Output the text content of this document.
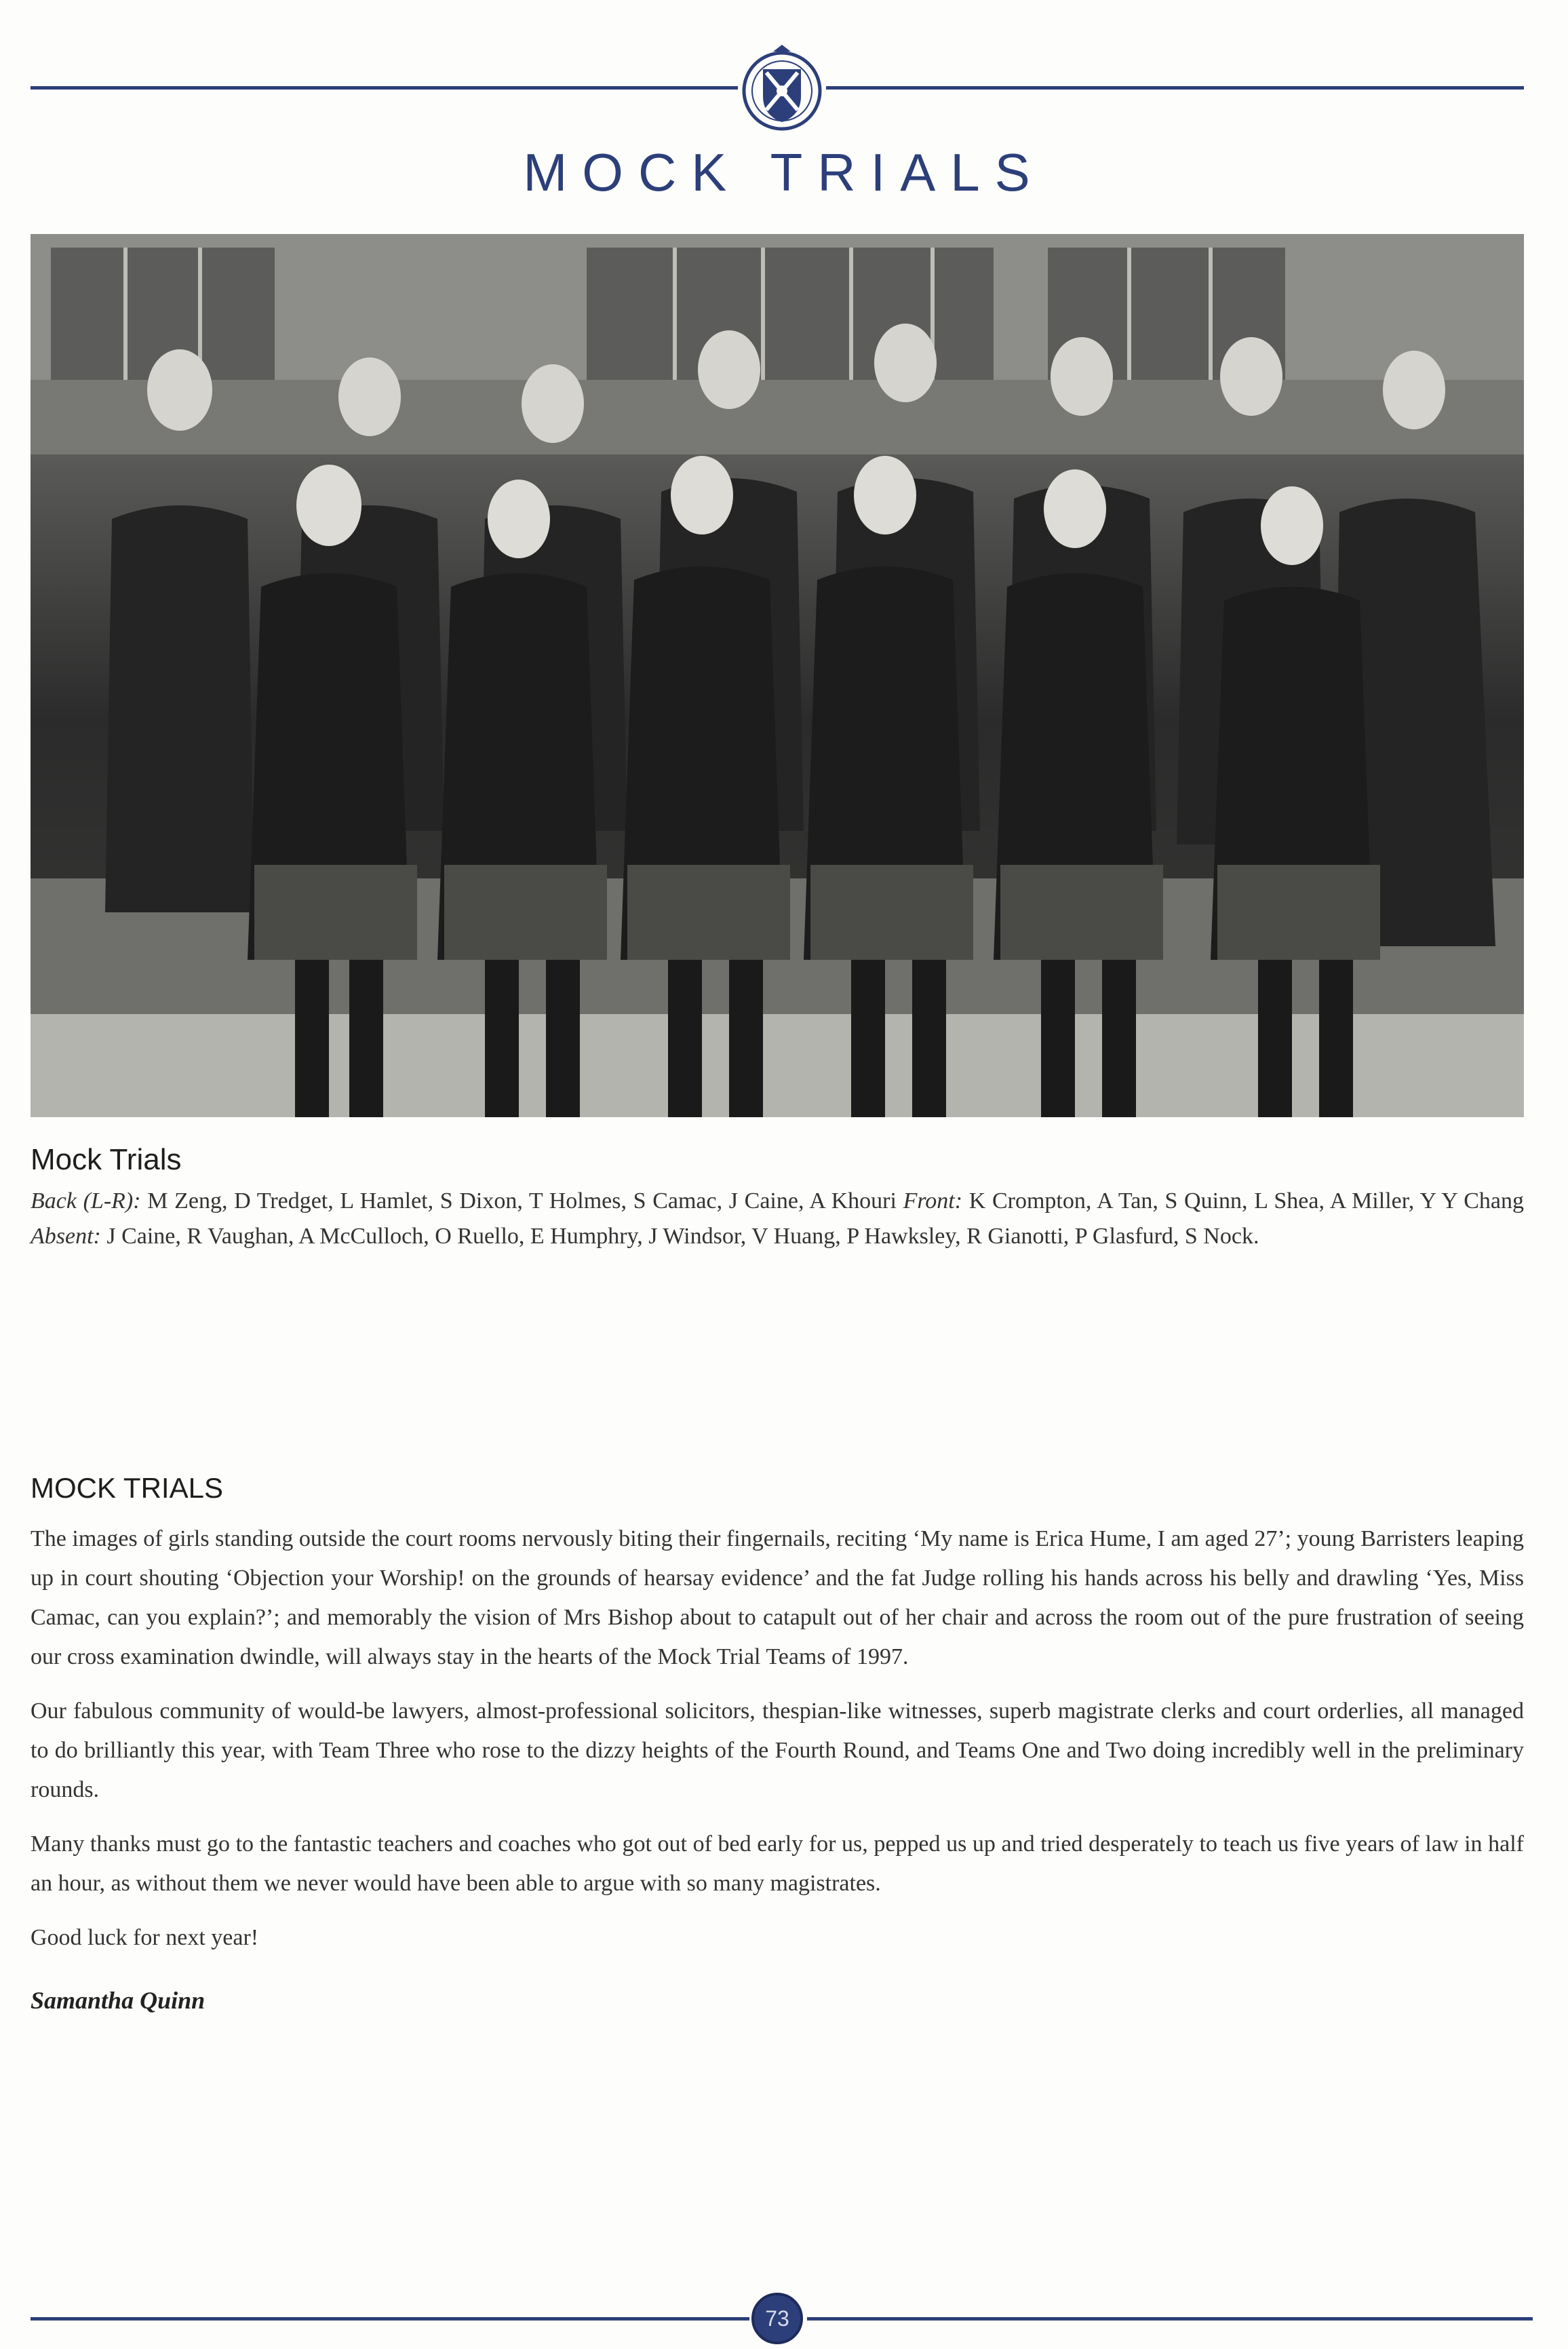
MOCK TRIALS
Mock Trials
Back (L-R): M Zeng, D Tredget, L Hamlet, S Dixon, T Holmes, S Camac, J Caine, A Khouri Front: K Crompton, A Tan, S Quinn, L Shea, A Miller, Y Y Chang Absent: J Caine, R Vaughan, A McCulloch, O Ruello, E Humphry, J Windsor, V Huang, P Hawksley, R Gianotti, P Glasfurd, S Nock.
MOCK TRIALS

The images of girls standing outside the court rooms nervously biting their fingernails, reciting ‘My name is Erica Hume, I am aged 27’; young Barristers leaping up in court shouting ‘Objection your Worship! on the grounds of hearsay evidence’ and the fat Judge rolling his hands across his belly and drawling ‘Yes, Miss Camac, can you explain?’; and memorably the vision of Mrs Bishop about to catapult out of her chair and across the room out of the pure frustration of seeing our cross examination dwindle, will always stay in the hearts of the Mock Trial Teams of 1997.

Our fabulous community of would-be lawyers, almost-professional solicitors, thespian-like witnesses, superb magistrate clerks and court orderlies, all managed to do brilliantly this year, with Team Three who rose to the dizzy heights of the Fourth Round, and Teams One and Two doing incredibly well in the preliminary rounds.

Many thanks must go to the fantastic teachers and coaches who got out of bed early for us, pepped us up and tried desperately to teach us five years of law in half an hour, as without them we never would have been able to argue with so many magistrates.

Good luck for next year!

Samantha Quinn
73
